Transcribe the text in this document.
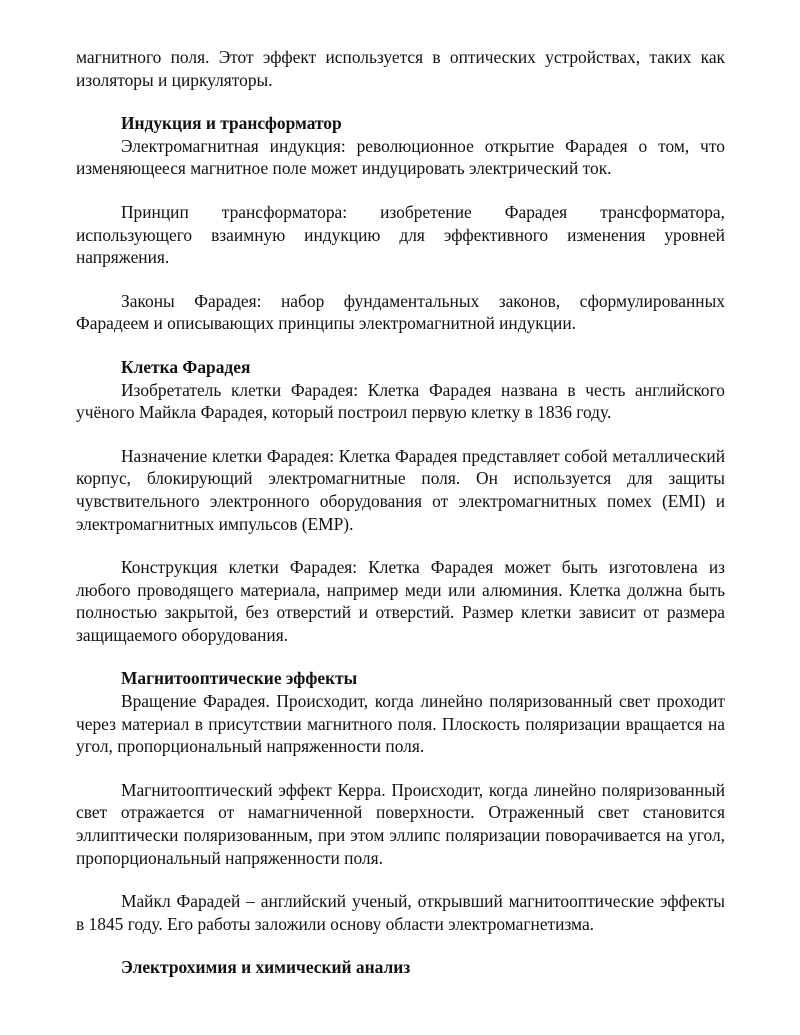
магнитного поля. Этот эффект используется в оптических устройствах, таких как изоляторы и циркуляторы.

Индукция и трансформатор

Электромагнитная индукция: революционное открытие Фарадея о том, что изменяющееся магнитное поле может индуцировать электрический ток.

Принцип трансформатора: изобретение Фарадея трансформатора, использующего взаимную индукцию для эффективного изменения уровней напряжения.

Законы Фарадея: набор фундаментальных законов, сформулированных Фарадеем и описывающих принципы электромагнитной индукции.

Клетка Фарадея

Изобретатель клетки Фарадея: Клетка Фарадея названа в честь английского учёного Майкла Фарадея, который построил первую клетку в 1836 году.

Назначение клетки Фарадея: Клетка Фарадея представляет собой металлический корпус, блокирующий электромагнитные поля. Он используется для защиты чувствительного электронного оборудования от электромагнитных помех (EMI) и электромагнитных импульсов (EMP).

Конструкция клетки Фарадея: Клетка Фарадея может быть изготовлена из любого проводящего материала, например меди или алюминия. Клетка должна быть полностью закрытой, без отверстий и отверстий. Размер клетки зависит от размера защищаемого оборудования.

Магнитооптические эффекты

Вращение Фарадея. Происходит, когда линейно поляризованный свет проходит через материал в присутствии магнитного поля. Плоскость поляризации вращается на угол, пропорциональный напряженности поля.

Магнитооптический эффект Керра. Происходит, когда линейно поляризованный свет отражается от намагниченной поверхности. Отраженный свет становится эллиптически поляризованным, при этом эллипс поляризации поворачивается на угол, пропорциональный напряженности поля.

Майкл Фарадей – английский ученый, открывший магнитооптические эффекты в 1845 году. Его работы заложили основу области электромагнетизма.

Электрохимия и химический анализ
